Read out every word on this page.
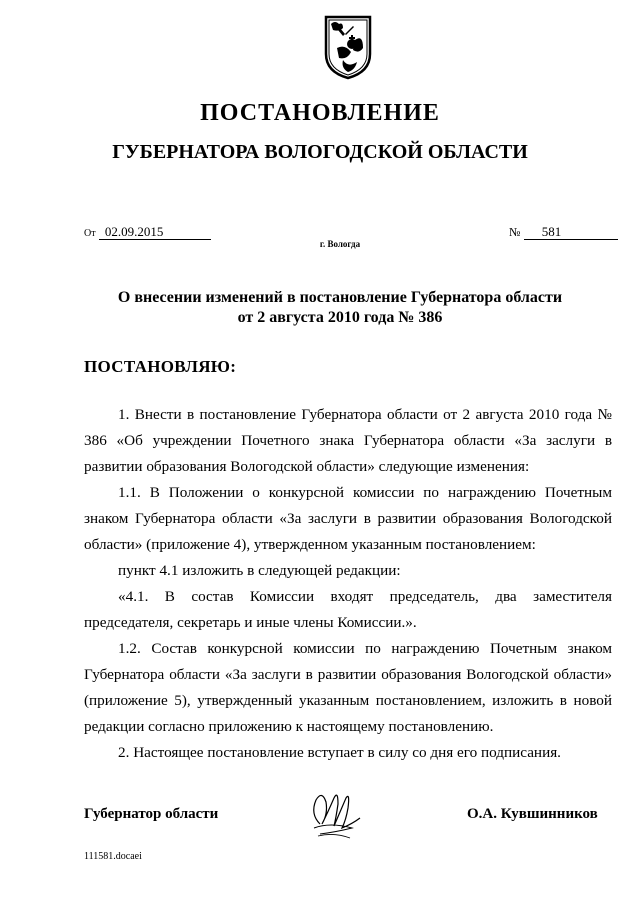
ПОСТАНОВЛЕНИЕ
ГУБЕРНАТОРА ВОЛОГОДСКОЙ ОБЛАСТИ
От 02.09.2015	№ 581
г. Вологда
О внесении изменений в постановление Губернатора области
от 2 августа 2010 года № 386
ПОСТАНОВЛЯЮ:

1. Внести в постановление Губернатора области от 2 августа 2010 года № 386 «Об учреждении Почетного знака Губернатора области «За заслуги в развитии образования Вологодской области» следующие изменения:

1.1. В Положении о конкурсной комиссии по награждению Почетным знаком Губернатора области «За заслуги в развитии образования Вологодской области» (приложение 4), утвержденном указанным постановлением:

пункт 4.1 изложить в следующей редакции:

«4.1. В состав Комиссии входят председатель, два заместителя председателя, секретарь и иные члены Комиссии.».

1.2. Состав конкурсной комиссии по награждению Почетным знаком Губернатора области «За заслуги в развитии образования Вологодской области» (приложение 5), утвержденный указанным постановлением, изложить в новой редакции согласно приложению к настоящему постановлению.

2. Настоящее постановление вступает в силу со дня его подписания.

Губернатор области	О.А. Кувшинников
111581.docaei
